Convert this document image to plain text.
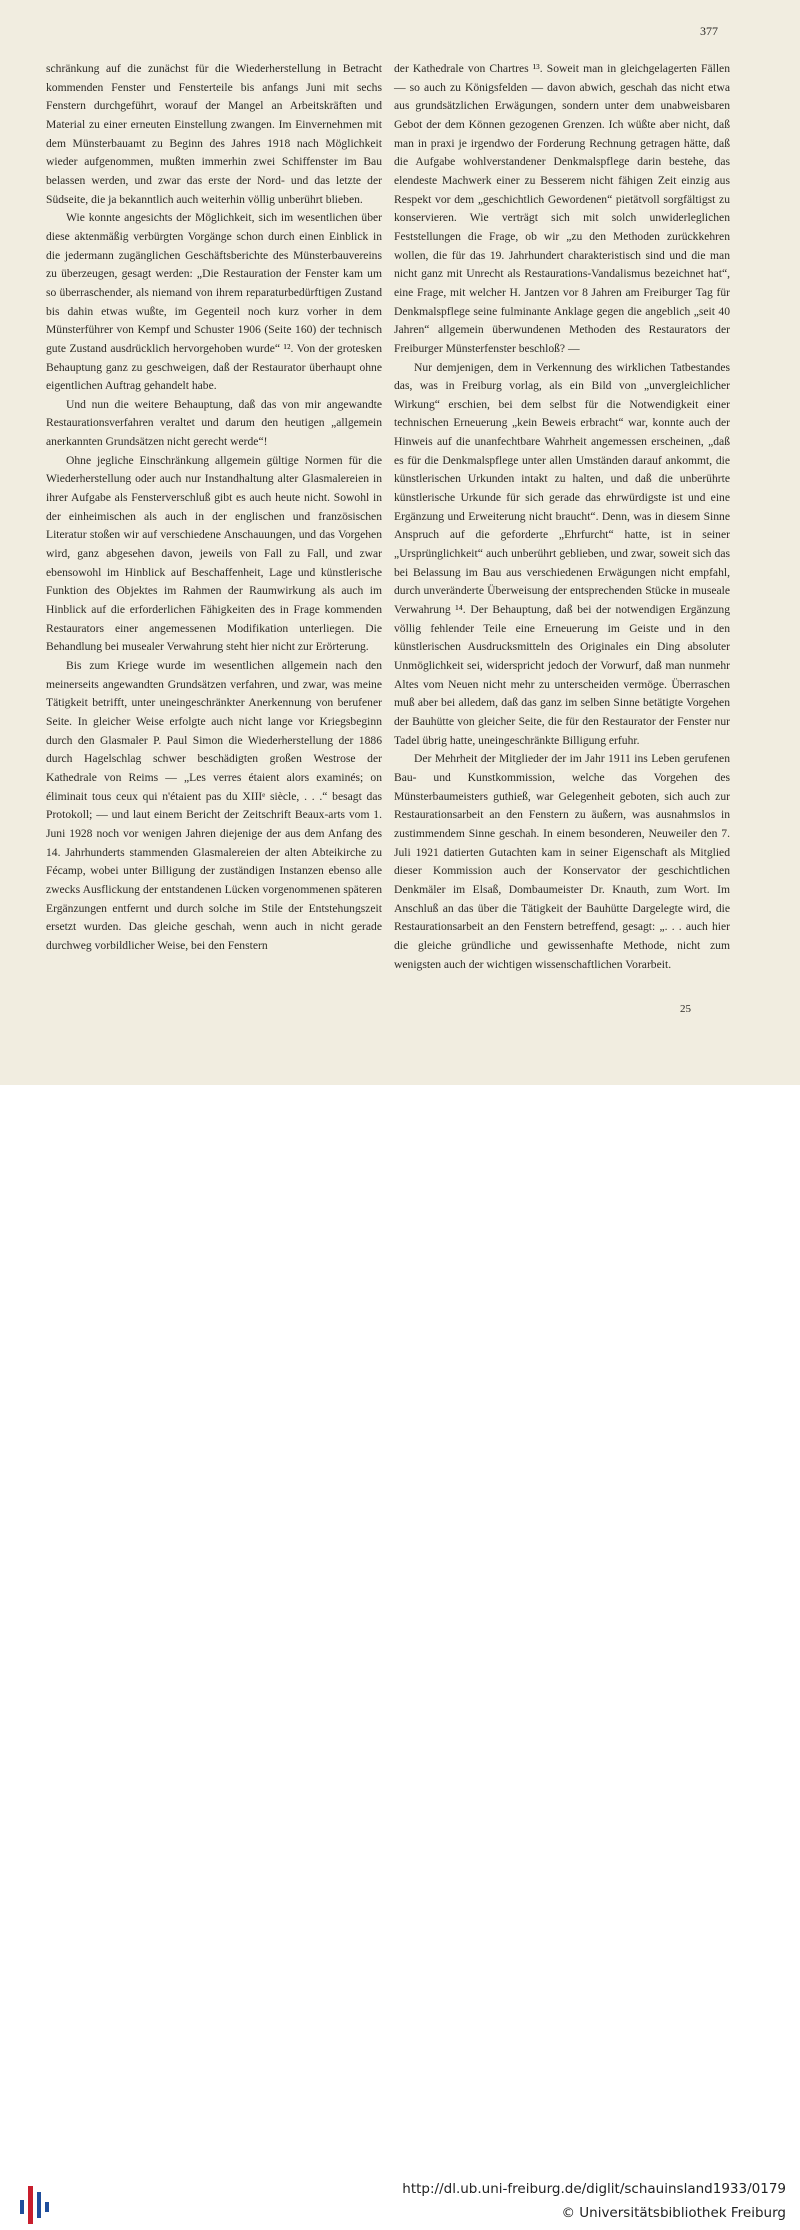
377

schränkung auf die zunächst für die Wiederherstellung in Betracht kommenden Fenster und Fensterteile bis anfangs Juni mit sechs Fenstern durchgeführt, worauf der Mangel an Arbeitskräften und Material zu einer erneuten Einstellung zwangen. Im Einvernehmen mit dem Münsterbauamt zu Beginn des Jahres 1918 nach Möglichkeit wieder aufgenommen, mußten immerhin zwei Schiffenster im Bau belassen werden, und zwar das erste der Nord- und das letzte der Südseite, die ja bekanntlich auch weiterhin völlig unberührt blieben.

Wie konnte angesichts der Möglichkeit, sich im wesentlichen über diese aktenmäßig verbürgten Vorgänge schon durch einen Einblick in die jedermann zugänglichen Geschäftsberichte des Münsterbauvereins zu überzeugen, gesagt werden: „Die Restauration der Fenster kam um so überraschender, als niemand von ihrem reparaturbedürftigen Zustand bis dahin etwas wußte, im Gegenteil noch kurz vorher in dem Münsterführer von Kempf und Schuster 1906 (Seite 160) der technisch gute Zustand ausdrücklich hervorgehoben wurde“ ¹². Von der grotesken Behauptung ganz zu geschweigen, daß der Restaurator überhaupt ohne eigentlichen Auftrag gehandelt habe.

Und nun die weitere Behauptung, daß das von mir angewandte Restaurationsverfahren veraltet und darum den heutigen „allgemein anerkannten Grundsätzen nicht gerecht werde“!

Ohne jegliche Einschränkung allgemein gültige Normen für die Wiederherstellung oder auch nur Instandhaltung alter Glasmalereien in ihrer Aufgabe als Fensterverschluß gibt es auch heute nicht. Sowohl in der einheimischen als auch in der englischen und französischen Literatur stoßen wir auf verschiedene Anschauungen, und das Vorgehen wird, ganz abgesehen davon, jeweils von Fall zu Fall, und zwar ebensowohl im Hinblick auf Beschaffenheit, Lage und künstlerische Funktion des Objektes im Rahmen der Raumwirkung als auch im Hinblick auf die erforderlichen Fähigkeiten des in Frage kommenden Restaurators einer angemessenen Modifikation unterliegen. Die Behandlung bei musealer Verwahrung steht hier nicht zur Erörterung.

Bis zum Kriege wurde im wesentlichen allgemein nach den meinerseits angewandten Grundsätzen verfahren, und zwar, was meine Tätigkeit betrifft, unter uneingeschränkter Anerkennung von berufener Seite. In gleicher Weise erfolgte auch nicht lange vor Kriegsbeginn durch den Glasmaler P. Paul Simon die Wiederherstellung der 1886 durch Hagelschlag schwer beschädigten großen Westrose der Kathedrale von Reims — „Les verres étaient alors examinés; on éliminait tous ceux qui n'étaient pas du XIIIᵉ siècle, . . .“ besagt das Protokoll; — und laut einem Bericht der Zeitschrift Beaux-arts vom 1. Juni 1928 noch vor wenigen Jahren diejenige der aus dem Anfang des 14. Jahrhunderts stammenden Glasmalereien der alten Abteikirche zu Fécamp, wobei unter Billigung der zuständigen Instanzen ebenso alle zwecks Ausflickung der entstandenen Lücken vorgenommenen späteren Ergänzungen entfernt und durch solche im Stile der Entstehungszeit ersetzt wurden. Das gleiche geschah, wenn auch in nicht gerade durchweg vorbildlicher Weise, bei den Fenstern

der Kathedrale von Chartres ¹³. Soweit man in gleichgelagerten Fällen — so auch zu Königsfelden — davon abwich, geschah das nicht etwa aus grundsätzlichen Erwägungen, sondern unter dem unabweisbaren Gebot der dem Können gezogenen Grenzen. Ich wüßte aber nicht, daß man in praxi je irgendwo der Forderung Rechnung getragen hätte, daß die Aufgabe wohlverstandener Denkmalspflege darin bestehe, das elendeste Machwerk einer zu Besserem nicht fähigen Zeit einzig aus Respekt vor dem „geschichtlich Gewordenen“ pietätvoll sorgfältigst zu konservieren. Wie verträgt sich mit solch unwiderleglichen Feststellungen die Frage, ob wir „zu den Methoden zurückkehren wollen, die für das 19. Jahrhundert charakteristisch sind und die man nicht ganz mit Unrecht als Restaurations-Vandalismus bezeichnet hat“, eine Frage, mit welcher H. Jantzen vor 8 Jahren am Freiburger Tag für Denkmalspflege seine fulminante Anklage gegen die angeblich „seit 40 Jahren“ allgemein überwundenen Methoden des Restaurators der Freiburger Münsterfenster beschloß? —

Nur demjenigen, dem in Verkennung des wirklichen Tatbestandes das, was in Freiburg vorlag, als ein Bild von „unvergleichlicher Wirkung“ erschien, bei dem selbst für die Notwendigkeit einer technischen Erneuerung „kein Beweis erbracht“ war, konnte auch der Hinweis auf die unanfechtbare Wahrheit angemessen erscheinen, „daß es für die Denkmalspflege unter allen Umständen darauf ankommt, die künstlerischen Urkunden intakt zu halten, und daß die unberührte künstlerische Urkunde für sich gerade das ehrwürdigste ist und eine Ergänzung und Erweiterung nicht braucht“. Denn, was in diesem Sinne Anspruch auf die geforderte „Ehrfurcht“ hatte, ist in seiner „Ursprünglichkeit“ auch unberührt geblieben, und zwar, soweit sich das bei Belassung im Bau aus verschiedenen Erwägungen nicht empfahl, durch unveränderte Überweisung der entsprechenden Stücke in museale Verwahrung ¹⁴. Der Behauptung, daß bei der notwendigen Ergänzung völlig fehlender Teile eine Erneuerung im Geiste und in den künstlerischen Ausdrucksmitteln des Originales ein Ding absoluter Unmöglichkeit sei, widerspricht jedoch der Vorwurf, daß man nunmehr Altes vom Neuen nicht mehr zu unterscheiden vermöge. Überraschen muß aber bei alledem, daß das ganz im selben Sinne betätigte Vorgehen der Bauhütte von gleicher Seite, die für den Restaurator der Fenster nur Tadel übrig hatte, uneingeschränkte Billigung erfuhr.

Der Mehrheit der Mitglieder der im Jahr 1911 ins Leben gerufenen Bau- und Kunstkommission, welche das Vorgehen des Münsterbaumeisters guthieß, war Gelegenheit geboten, sich auch zur Restaurationsarbeit an den Fenstern zu äußern, was ausnahmslos in zustimmendem Sinne geschah. In einem besonderen, Neuweiler den 7. Juli 1921 datierten Gutachten kam in seiner Eigenschaft als Mitglied dieser Kommission auch der Konservator der geschichtlichen Denkmäler im Elsaß, Dombaumeister Dr. Knauth, zum Wort. Im Anschluß an das über die Tätigkeit der Bauhütte Dargelegte wird, die Restaurationsarbeit an den Fenstern betreffend, gesagt: „. . . auch hier die gleiche gründliche und gewissenhafte Methode, nicht zum wenigsten auch der wichtigen wissenschaftlichen Vorarbeit.

25
http://dl.ub.uni-freiburg.de/diglit/schauinsland1933/0179
© Universitätsbibliothek Freiburg
